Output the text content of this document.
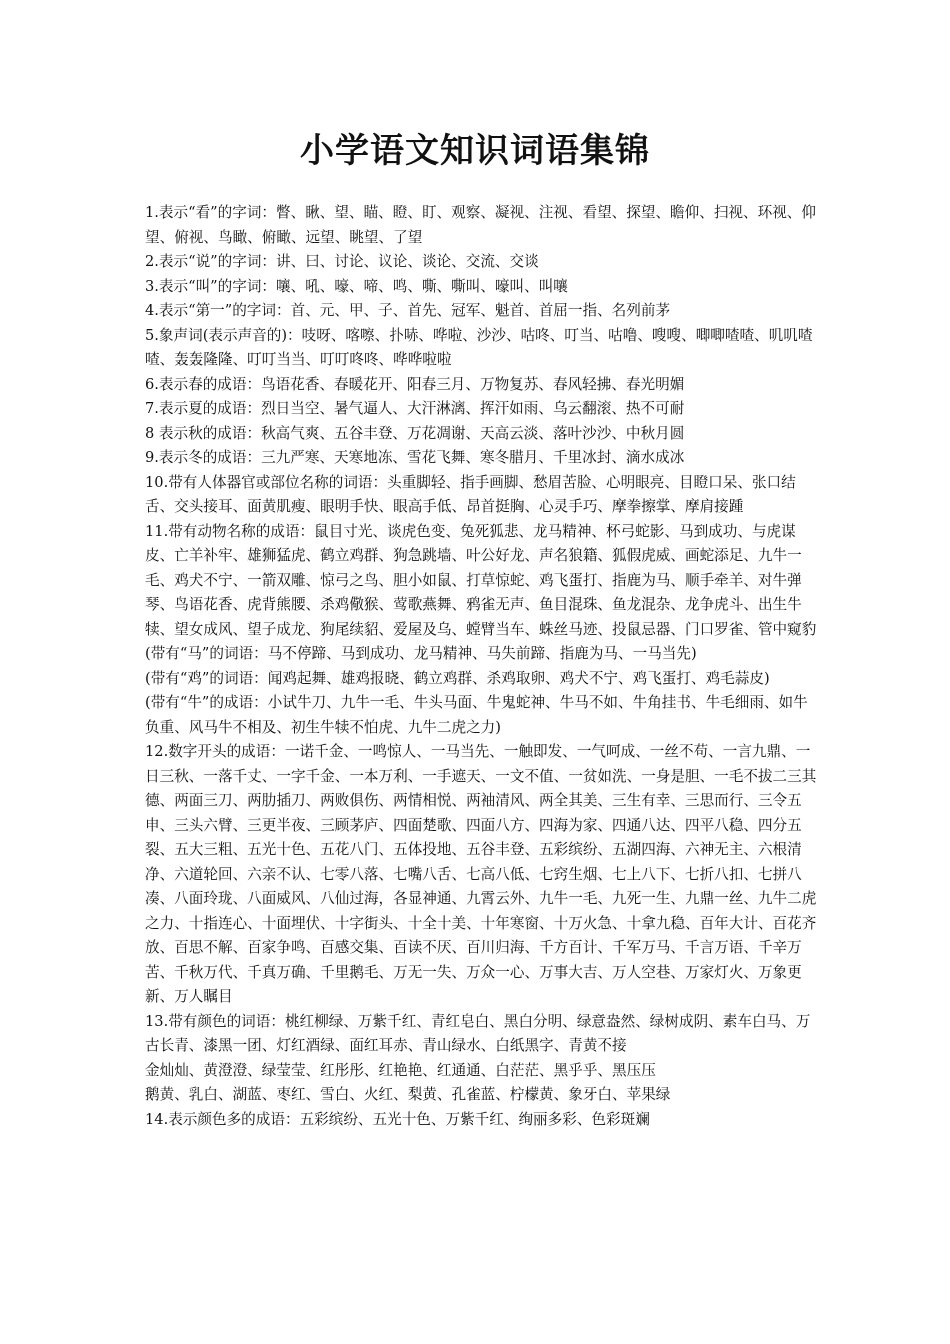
小学语文知识词语集锦

1.表示“看”的字词：瞥、瞅、望、瞄、瞪、盯、观察、凝视、注视、看望、探望、瞻仰、扫视、环视、仰望、俯视、鸟瞰、俯瞰、远望、眺望、了望

2.表示“说”的字词：讲、曰、讨论、议论、谈论、交流、交谈

3.表示“叫”的字词：嚷、吼、嚎、啼、鸣、嘶、嘶叫、嚎叫、叫嚷

4.表示“第一”的字词：首、元、甲、子、首先、冠军、魁首、首屈一指、名列前茅

5.象声词(表示声音的)：吱呀、喀嚓、扑哧、哗啦、沙沙、咕咚、叮当、咕噜、嗖嗖、唧唧喳喳、叽叽喳喳、轰轰隆隆、叮叮当当、叮叮咚咚、哗哗啦啦

6.表示春的成语：鸟语花香、春暖花开、阳春三月、万物复苏、春风轻拂、春光明媚

7.表示夏的成语：烈日当空、暑气逼人、大汗淋漓、挥汗如雨、乌云翻滚、热不可耐

8 表示秋的成语：秋高气爽、五谷丰登、万花凋谢、天高云淡、落叶沙沙、中秋月圆

9.表示冬的成语：三九严寒、天寒地冻、雪花飞舞、寒冬腊月、千里冰封、滴水成冰

10.带有人体器官或部位名称的词语：头重脚轻、指手画脚、愁眉苦脸、心明眼亮、目瞪口呆、张口结舌、交头接耳、面黄肌瘦、眼明手快、眼高手低、昂首挺胸、心灵手巧、摩拳擦掌、摩肩接踵

11.带有动物名称的成语：鼠目寸光、谈虎色变、兔死狐悲、龙马精神、杯弓蛇影、马到成功、与虎谋皮、亡羊补牢、雄狮猛虎、鹤立鸡群、狗急跳墙、叶公好龙、声名狼籍、狐假虎威、画蛇添足、九牛一毛、鸡犬不宁、一箭双雕、惊弓之鸟、胆小如鼠、打草惊蛇、鸡飞蛋打、指鹿为马、顺手牵羊、对牛弹琴、鸟语花香、虎背熊腰、杀鸡儆猴、莺歌燕舞、鸦雀无声、鱼目混珠、鱼龙混杂、龙争虎斗、出生牛犊、望女成风、望子成龙、狗尾续貂、爱屋及乌、螳臂当车、蛛丝马迹、投鼠忌器、门口罗雀、管中窥豹

(带有“马”的词语：马不停蹄、马到成功、龙马精神、马失前蹄、指鹿为马、一马当先)

(带有“鸡”的词语：闻鸡起舞、雄鸡报晓、鹤立鸡群、杀鸡取卵、鸡犬不宁、鸡飞蛋打、鸡毛蒜皮)

(带有“牛”的成语：小试牛刀、九牛一毛、牛头马面、牛鬼蛇神、牛马不如、牛角挂书、牛毛细雨、如牛负重、风马牛不相及、初生牛犊不怕虎、九牛二虎之力)

12.数字开头的成语：一诺千金、一鸣惊人、一马当先、一触即发、一气呵成、一丝不苟、一言九鼎、一日三秋、一落千丈、一字千金、一本万利、一手遮天、一文不值、一贫如洗、一身是胆、一毛不拔二三其德、两面三刀、两肋插刀、两败俱伤、两情相悦、两袖清风、两全其美、三生有幸、三思而行、三令五申、三头六臂、三更半夜、三顾茅庐、四面楚歌、四面八方、四海为家、四通八达、四平八稳、四分五裂、五大三粗、五光十色、五花八门、五体投地、五谷丰登、五彩缤纷、五湖四海、六神无主、六根清净、六道轮回、六亲不认、七零八落、七嘴八舌、七高八低、七窍生烟、七上八下、七折八扣、七拼八凑、八面玲珑、八面威风、八仙过海，各显神通、九霄云外、九牛一毛、九死一生、九鼎一丝、九牛二虎之力、十指连心、十面埋伏、十字街头、十全十美、十年寒窗、十万火急、十拿九稳、百年大计、百花齐放、百思不解、百家争鸣、百感交集、百读不厌、百川归海、千方百计、千军万马、千言万语、千辛万苦、千秋万代、千真万确、千里鹅毛、万无一失、万众一心、万事大吉、万人空巷、万家灯火、万象更新、万人瞩目

13.带有颜色的词语：桃红柳绿、万紫千红、青红皂白、黑白分明、绿意盎然、绿树成阴、素车白马、万古长青、漆黑一团、灯红酒绿、面红耳赤、青山绿水、白纸黑字、青黄不接

金灿灿、黄澄澄、绿莹莹、红彤彤、红艳艳、红通通、白茫茫、黑乎乎、黑压压

鹅黄、乳白、湖蓝、枣红、雪白、火红、梨黄、孔雀蓝、柠檬黄、象牙白、苹果绿

14.表示颜色多的成语：五彩缤纷、五光十色、万紫千红、绚丽多彩、色彩斑斓
